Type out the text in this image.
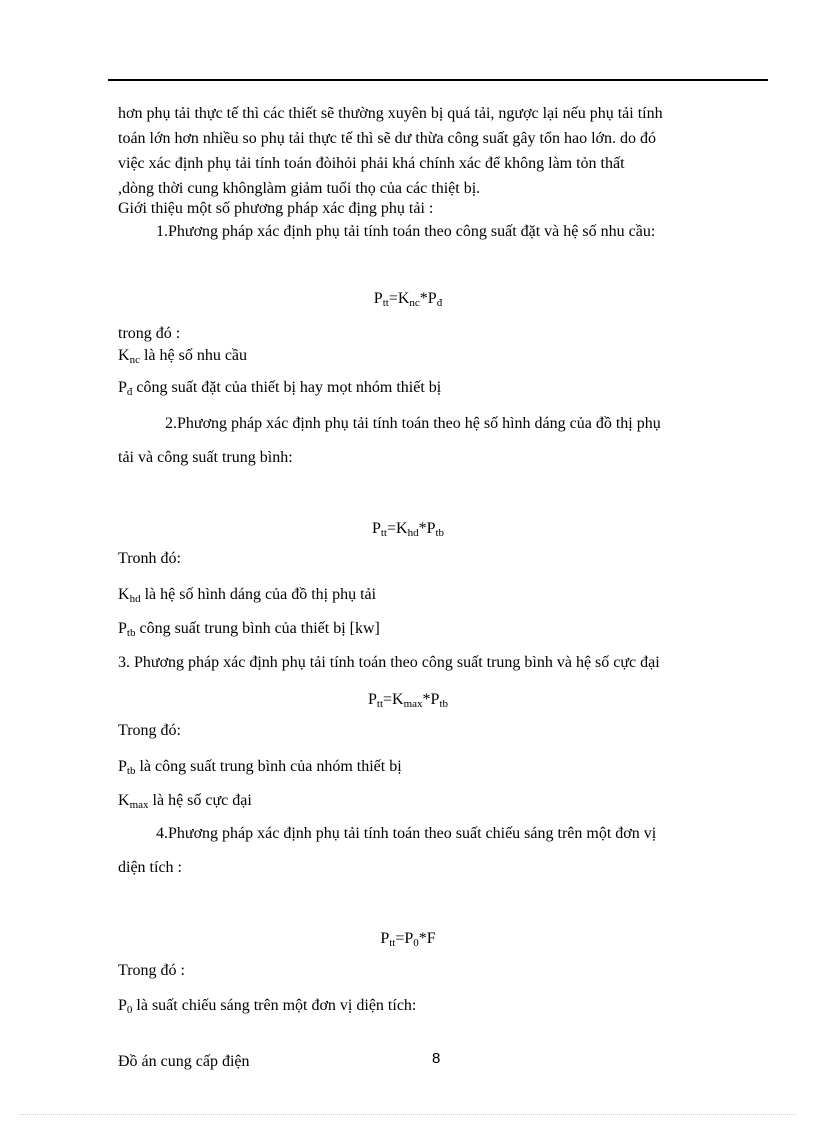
hơn phụ tải thực tế thì các thiết sẽ thường xuyên bị quá tải, ngược lại nếu phụ tải tính
toán lớn hơn nhiều so phụ tải thực tế thì sẽ dư thừa công suất gây tổn hao lớn. do đó
việc xác định phụ tải tính toán đòihỏi phải khá chính xác để không làm tỏn thất
,dòng thời cung khônglàm giảm tuổi thọ của các thiệt bị.
Giới thiệu một số phương pháp xác địng phụ tải :
1.Phương pháp xác định phụ tải tính toán theo công suất đặt và hệ số nhu cầu:
$P_{tt}=K_{nc}*P_đ$
trong đó :
$K_{nc}$ là hệ số nhu cầu
$P_đ$ công suất đặt của thiết bị hay mọt nhóm thiết bị
2.Phương pháp xác định phụ tải tính toán theo hệ số hình dáng của đồ thị phụ
tải và công suất trung bình:
$P_{tt}=K_{hd}*P_{tb}$
Tronh đó:
$K_{hd}$ là hệ số hình dáng của đồ thị phụ tải
$P_{tb}$ công suất trung bình của thiết bị [kw]
3. Phương pháp xác định phụ tải tính toán theo công suất trung bình và hệ số cực đại
$P_{tt}=K_{max}*P_{tb}$
Trong đó:
$P_{tb}$ là công suất trung bình của nhóm thiết bị
$K_{max}$ là hệ số cực đại
4.Phương pháp xác định phụ tải tính toán theo suất chiếu sáng trên một đơn vị
diện tích :
$P_{tt}=P_0*F$
Trong đó :
$P_0$ là suất chiếu sáng trên một đơn vị diện tích:
Đồ án cung cấp điện	8
